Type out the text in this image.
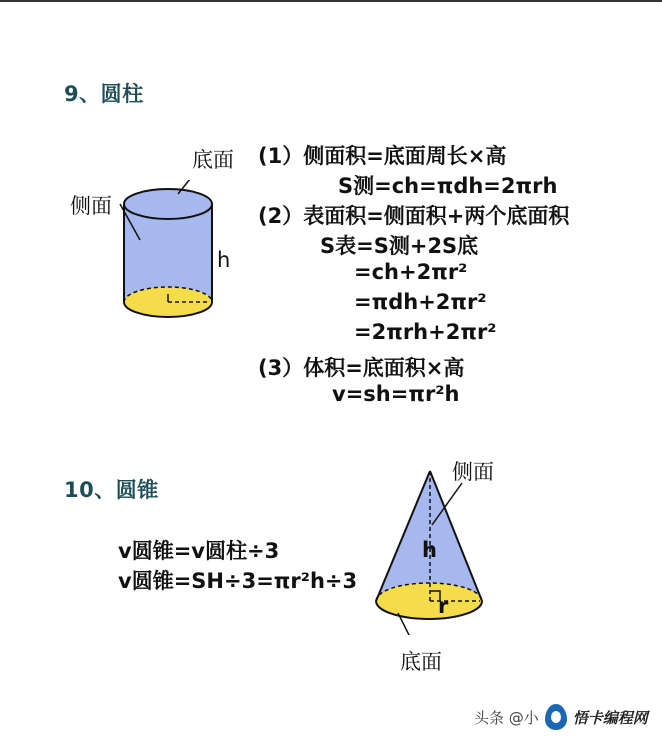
9、圆柱
底面
侧面
h
(1）侧面积=底面周长×高
S测=ch=πdh=2πrh
(2）表面积=侧面积+两个底面积
S表=S测+2S底
=ch+2πr²
=πdh+2πr²
=2πrh+2πr²
(3）体积=底面积×高
v=sh=πr²h
10、圆锥
v圆锥=v圆柱÷3
v圆锥=SH÷3=πr²h÷3
侧面
h
r
底面
头条 @小 悟卡编程网
